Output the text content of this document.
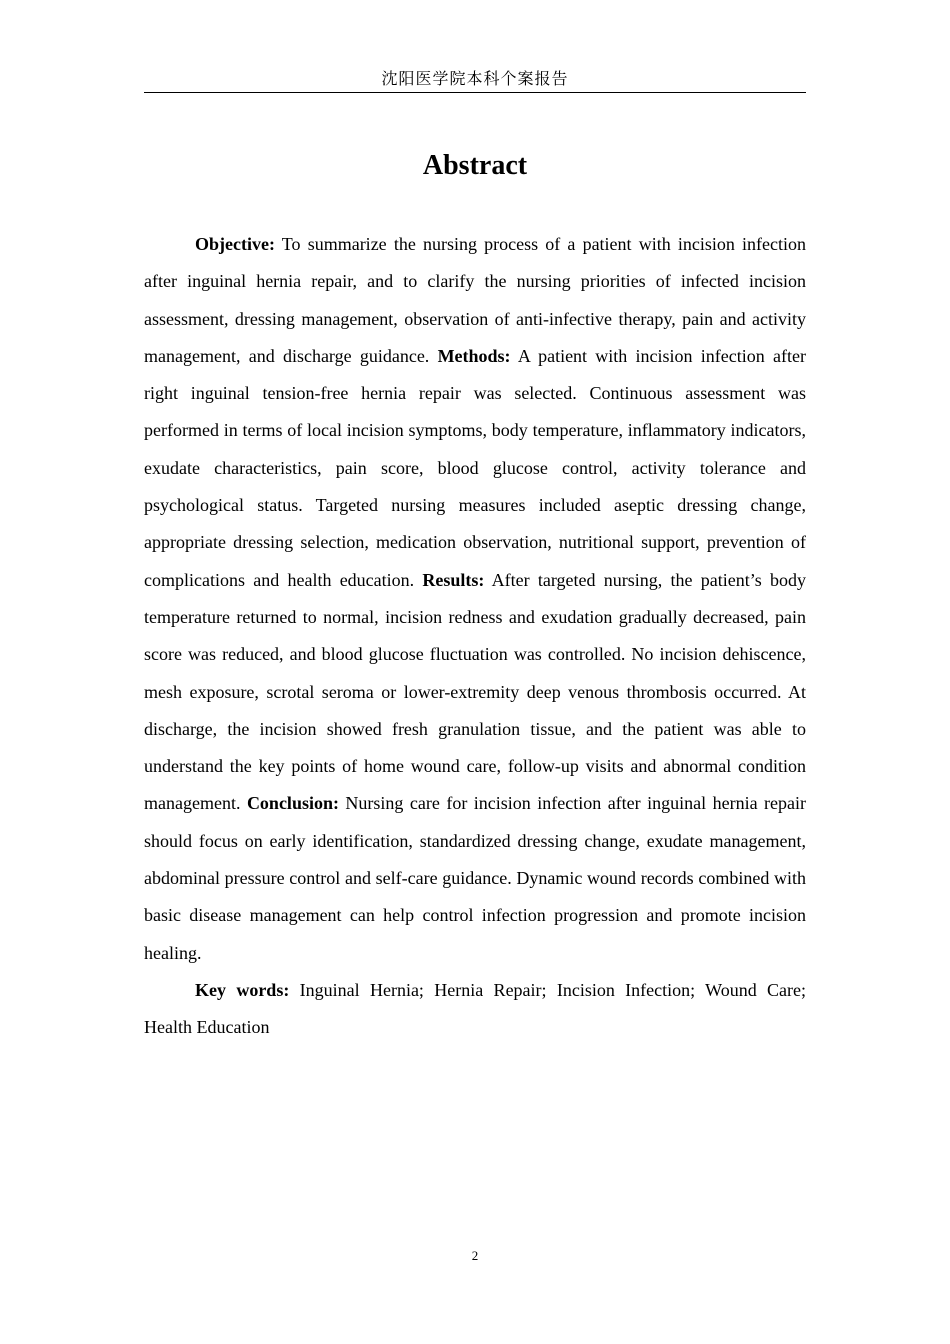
沈阳医学院本科个案报告
Abstract

Objective: To summarize the nursing process of a patient with incision infection after inguinal hernia repair, and to clarify the nursing priorities of infected incision assessment, dressing management, observation of anti-infective therapy, pain and activity management, and discharge guidance. Methods: A patient with incision infection after right inguinal tension-free hernia repair was selected. Continuous assessment was performed in terms of local incision symptoms, body temperature, inflammatory indicators, exudate characteristics, pain score, blood glucose control, activity tolerance and psychological status. Targeted nursing measures included aseptic dressing change, appropriate dressing selection, medication observation, nutritional support, prevention of complications and health education. Results: After targeted nursing, the patient’s body temperature returned to normal, incision redness and exudation gradually decreased, pain score was reduced, and blood glucose fluctuation was controlled. No incision dehiscence, mesh exposure, scrotal seroma or lower-extremity deep venous thrombosis occurred. At discharge, the incision showed fresh granulation tissue, and the patient was able to understand the key points of home wound care, follow-up visits and abnormal condition management. Conclusion: Nursing care for incision infection after inguinal hernia repair should focus on early identification, standardized dressing change, exudate management, abdominal pressure control and self-care guidance. Dynamic wound records combined with basic disease management can help control infection progression and promote incision healing.

Key words: Inguinal Hernia; Hernia Repair; Incision Infection; Wound Care; Health Education

2
